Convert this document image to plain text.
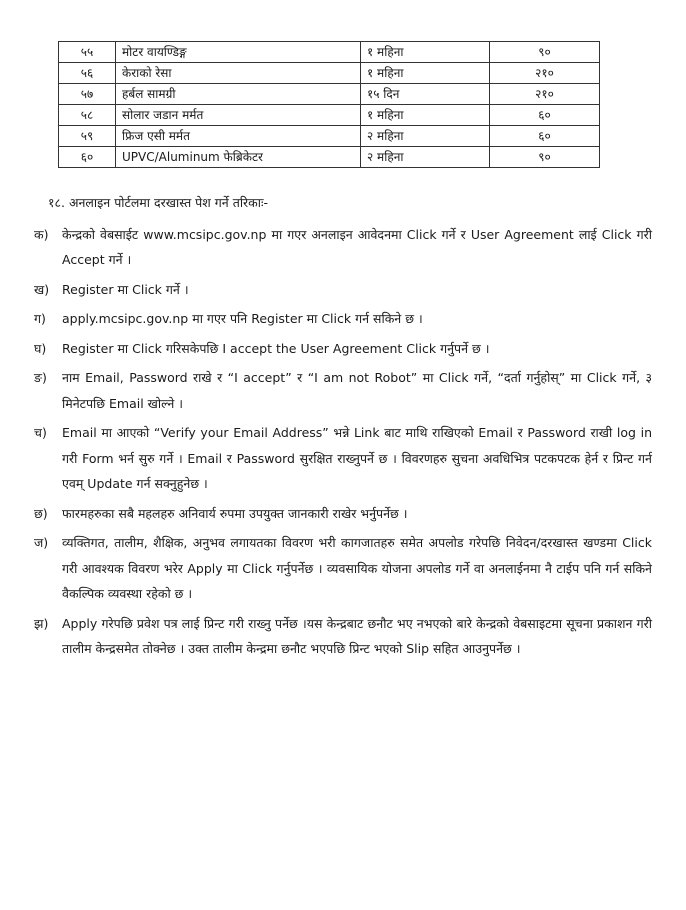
५५	मोटर वायण्डिङ्ग	१ महिना	९०
५६	केराको रेसा	१ महिना	२१०
५७	हर्बल सामग्री	१५ दिन	२१०
५८	सोलार जडान मर्मत	१ महिना	६०
५९	फ्रिज एसी मर्मत	२ महिना	६०
६०	UPVC/Aluminum फेब्रिकेटर	२ महिना	९०
१८. अनलाइन पोर्टलमा दरखास्त पेश गर्ने तरिकाः-
क) केन्द्रको वेबसाईट www.mcsipc.gov.np मा गएर अनलाइन आवेदनमा Click गर्ने र User Agreement लाई Click गरी Accept गर्ने ।
ख) Register मा Click गर्ने ।
ग) apply.mcsipc.gov.np मा गएर पनि Register मा Click गर्न सकिने छ ।
घ) Register मा Click गरिसकेपछि I accept the User Agreement Click गर्नुपर्ने छ ।
ङ) नाम Email, Password राखे र “I accept” र “I am not Robot” मा Click गर्ने, “दर्ता गर्नुहोस्” मा Click गर्ने, ३ मिनेटपछि Email खोल्ने ।
च) Email मा आएको “Verify your Email Address” भन्ने Link बाट माथि राखिएको Email र Password राखी log in गरी Form भर्न सुरु गर्ने । Email र Password सुरक्षित राख्नुपर्ने छ । विवरणहरु सुचना अवधिभित्र पटकपटक हेर्न र प्रिन्ट गर्न एवम् Update गर्न सक्नुहुनेछ ।
छ) फारमहरुका सबै महलहरु अनिवार्य रुपमा उपयुक्त जानकारी राखेर भर्नुपर्नेछ ।
ज) व्यक्तिगत, तालीम, शैक्षिक, अनुभव लगायतका विवरण भरी कागजातहरु समेत अपलोड गरेपछि निवेदन/दरखास्त खण्डमा Click गरी आवश्यक विवरण भरेर Apply मा Click गर्नुपर्नेछ । व्यवसायिक योजना अपलोड गर्ने वा अनलाईनमा नै टाईप पनि गर्न सकिने वैकल्पिक व्यवस्था रहेको छ ।
झ) Apply गरेपछि प्रवेश पत्र लाई प्रिन्ट गरी राख्नु पर्नेछ ।यस केन्द्रबाट छनौट भए नभएको बारे केन्द्रको वेबसाइटमा सूचना प्रकाशन गरी तालीम केन्द्रसमेत तोक्नेछ । उक्त तालीम केन्द्रमा छनौट भएपछि प्रिन्ट भएको Slip सहित आउनुपर्नेछ ।
